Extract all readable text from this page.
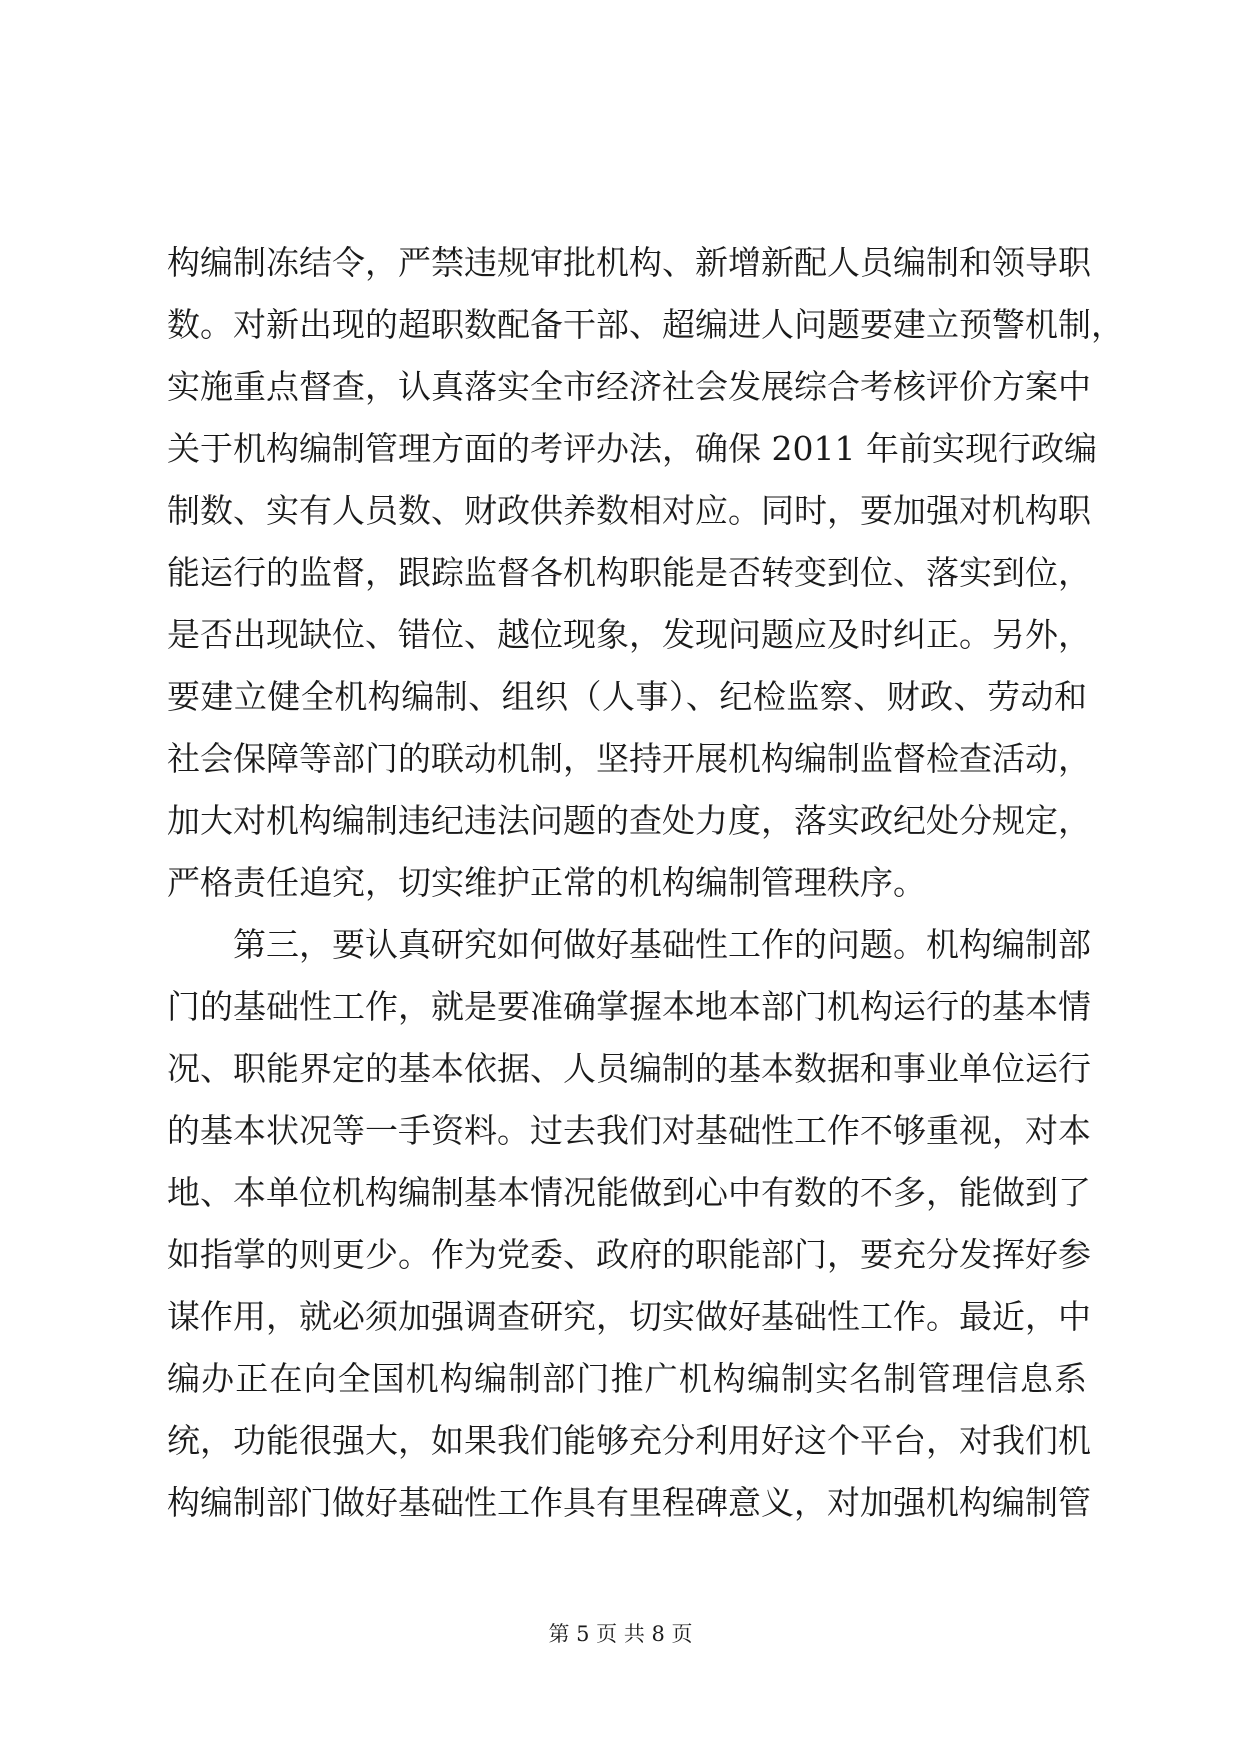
构编制冻结令，严禁违规审批机构、新增新配人员编制和领导职
数。对新出现的超职数配备干部、超编进人问题要建立预警机制，
实施重点督查，认真落实全市经济社会发展综合考核评价方案中
关于机构编制管理方面的考评办法，确保 2011 年前实现行政编
制数、实有人员数、财政供养数相对应。同时，要加强对机构职
能运行的监督，跟踪监督各机构职能是否转变到位、落实到位，
是否出现缺位、错位、越位现象，发现问题应及时纠正。另外，
要建立健全机构编制、组织（人事）、纪检监察、财政、劳动和
社会保障等部门的联动机制，坚持开展机构编制监督检查活动，
加大对机构编制违纪违法问题的查处力度，落实政纪处分规定，
严格责任追究，切实维护正常的机构编制管理秩序。
第三，要认真研究如何做好基础性工作的问题。机构编制部
门的基础性工作，就是要准确掌握本地本部门机构运行的基本情
况、职能界定的基本依据、人员编制的基本数据和事业单位运行
的基本状况等一手资料。过去我们对基础性工作不够重视，对本
地、本单位机构编制基本情况能做到心中有数的不多，能做到了
如指掌的则更少。作为党委、政府的职能部门，要充分发挥好参
谋作用，就必须加强调查研究，切实做好基础性工作。最近，中
编办正在向全国机构编制部门推广机构编制实名制管理信息系
统，功能很强大，如果我们能够充分利用好这个平台，对我们机
构编制部门做好基础性工作具有里程碑意义，对加强机构编制管
第 5 页 共 8 页
